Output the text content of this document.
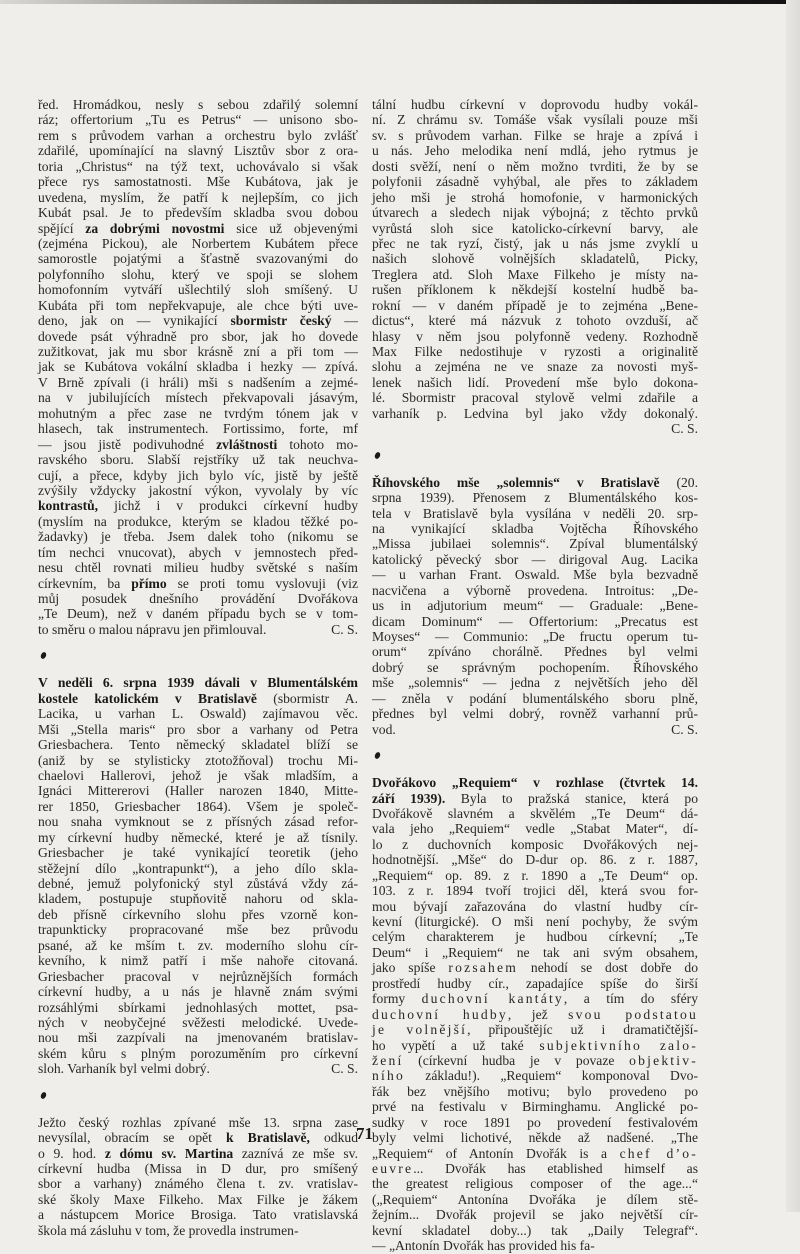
řed. Hromádkou, nesly s sebou zdařilý solemní
ráz; offertorium „Tu es Petrus“ — unisono sbo-
rem s průvodem varhan a orchestru bylo zvlášť
zdařilé, upomínající na slavný Lisztův sbor z ora-
toria „Christus“ na týž text, uchovávalo si však
přece rys samostatnosti. Mše Kubátova, jak je
uvedena, myslím, že patří k nejlepším, co jich
Kubát psal. Je to především skladba svou dobou
spějící za dobrými novostmi sice už objevenými
(zejména Pickou), ale Norbertem Kubátem přece
samorostle pojatými a šťastně svazovanými do
polyfonního slohu, který ve spoji se slohem
homofonním vytváří ušlechtilý sloh smíšený. U
Kubáta při tom nepřekvapuje, ale chce býti uve-
deno, jak on — vynikající sbormistr český —
dovede psát výhradně pro sbor, jak ho dovede
zužitkovat, jak mu sbor krásně zní a při tom —
jak se Kubátova vokální skladba i hezky — zpívá.
V Brně zpívali (i hráli) mši s nadšením a zejmé-
na v jubilujících místech překvapovali jásavým,
mohutným a přec zase ne tvrdým tónem jak v
hlasech, tak instrumentech. Fortissimo, forte, mf
— jsou jistě podivuhodné zvláštnosti tohoto mo-
ravského sboru. Slabší rejstříky už tak neuchva-
cují, a přece, kdyby jich bylo víc, jistě by ještě
zvýšily vždycky jakostní výkon, vyvolaly by víc
kontrastů, jichž i v produkci církevní hudby
(myslím na produkce, kterým se kladou těžké po-
žadavky) je třeba. Jsem dalek toho (nikomu se
tím nechci vnucovat), abych v jemnostech před-
nesu chtěl rovnati milieu hudby světské s naším
církevním, ba přímo se proti tomu vyslovuji (viz
můj posudek dnešního provádění Dvořákova
„Te Deum), než v daném případu bych se v tom-
to směru o malou nápravu jen přimlouval.	C. S.
V neděli 6. srpna 1939 dávali v Blumentálském
kostele katolickém v Bratislavě (sbormistr A.
Lacika, u varhan L. Oswald) zajímavou věc.
Mši „Stella maris“ pro sbor a varhany od Petra
Griesbachera. Tento německý skladatel blíží se
(aniž by se stylisticky ztotožňoval) trochu Mi-
chaelovi Hallerovi, jehož je však mladším, a
Ignáci Mittererovi (Haller narozen 1840, Mitte-
rer 1850, Griesbacher 1864). Všem je společ-
nou snaha vymknout se z přísných zásad refor-
my církevní hudby německé, které je až tísnily.
Griesbacher je také vynikající teoretik (jeho
stěžejní dílo „kontrapunkt“), a jeho dílo skla-
debné, jemuž polyfonický styl zůstává vždy zá-
kladem, postupuje stupňovitě nahoru od skla-
deb přísně církevního slohu přes vzorně kon-
trapunkticky propracované mše bez průvodu
psané, až ke mším t. zv. moderního slohu cír-
kevního, k nimž patří i mše nahoře citovaná.
Griesbacher pracoval v nejrůznějších formách
církevní hudby, a u nás je hlavně znám svými
rozsáhlými sbírkami jednohlasých mottet, psa-
ných v neobyčejné svěžesti melodické. Uvede-
nou mši zazpívali na jmenovaném bratislav-
ském kůru s plným porozuměním pro církevní
sloh. Varhaník byl velmi dobrý.	C. S.
Ježto český rozhlas zpívané mše 13. srpna zase
nevysílal, obracím se opět k Bratislavě, odkud
o 9. hod. z dómu sv. Martina zaznívá ze mše sv.
církevní hudba (Missa in D dur, pro smíšený
sbor a varhany) známého člena t. zv. vratislav-
ské školy Maxe Filkeho. Max Filke je žákem
a nástupcem Morice Brosiga. Tato vratislavská
škola má zásluhu v tom, že provedla instrumen-
tální hudbu církevní v doprovodu hudby vokál-
ní. Z chrámu sv. Tomáše však vysílali pouze mši
sv. s průvodem varhan. Filke se hraje a zpívá i
u nás. Jeho melodika není mdlá, jeho rytmus je
dosti svěží, není o něm možno tvrditi, že by se
polyfonii zásadně vyhýbal, ale přes to základem
jeho mši je strohá homofonie, v harmonických
útvarech a sledech nijak výbojná; z těchto prvků
vyrůstá sloh sice katolicko-církevní barvy, ale
přec ne tak ryzí, čistý, jak u nás jsme zvyklí u
našich slohově volnějších skladatelů, Picky,
Treglera atd. Sloh Maxe Filkeho je místy na-
rušen příklonem k někdejší kostelní hudbě ba-
rokní — v daném případě je to zejména „Bene-
dictus“, které má názvuk z tohoto ovzduší, ač
hlasy v něm jsou polyfonně vedeny. Rozhodně
Max Filke nedostihuje v ryzosti a originalitě
slohu a zejména ne ve snaze za novosti myš-
lenek našich lidí. Provedení mše bylo dokona-
lé. Sbormistr pracoval stylově velmi zdařile a
varhaník p. Ledvina byl jako vždy dokonalý.
C. S.
Říhovského mše „solemnis“ v Bratislavě (20.
srpna 1939). Přenosem z Blumentálského kos-
tela v Bratislavě byla vysílána v neděli 20. srp-
na vynikající skladba Vojtěcha Říhovského
„Missa jubilaei solemnis“. Zpíval blumentálský
katolický pěvecký sbor — dirigoval Aug. Lacika
— u varhan Frant. Oswald. Mše byla bezvadně
nacvičena a výborně provedena. Introitus: „De-
us in adjutorium meum“ — Graduale: „Bene-
dicam Dominum“ — Offertorium: „Precatus est
Moyses“ — Communio: „De fructu operum tu-
orum“ zpíváno chorálně. Přednes byl velmi
dobrý se správným pochopením. Říhovského
mše „solemnis“ — jedna z největších jeho děl
— zněla v podání blumentálského sboru plně,
přednes byl velmi dobrý, rovněž varhanní prů-
vod.	C. S.
Dvořákovo „Requiem“ v rozhlase (čtvrtek 14.
září 1939). Byla to pražská stanice, která po
Dvořákově slavném a skvělém „Te Deum“ dá-
vala jeho „Requiem“ vedle „Stabat Mater“, dí-
lo z duchovních komposic Dvořákových nej-
hodnotnější. „Mše“ do D-dur op. 86. z r. 1887,
„Requiem“ op. 89. z r. 1890 a „Te Deum“ op.
103. z r. 1894 tvoří trojici děl, která svou for-
mou bývají zařazována do vlastní hudby cír-
kevní (liturgické). O mši není pochyby, že svým
celým charakterem je hudbou církevní; „Te
Deum“ i „Requiem“ ne tak ani svým obsahem,
jako spíše rozsahem nehodí se dost dobře do
prostředí hudby cír., zapadajíce spíše do širší
formy duchovní kantáty, a tím do sféry
duchovní hudby, jež svou podstatou
je volnější, připouštějíc už i dramatičtější-
ho vypětí a už také subjektivního zalo-
žení (církevní hudba je v povaze objektiv-
ního základu!). „Requiem“ komponoval Dvo-
řák bez vnějšího motivu; bylo provedeno po
prvé na festivalu v Birminghamu. Anglické po-
sudky v roce 1891 po provedení festivalovém
byly velmi lichotivé, někde až nadšené. „The
„Requiem“ of Antonín Dvořák is a chef d’o-
euvre... Dvořák has etablished himself as
the greatest religious composer of the age...“
(„Requiem“ Antonína Dvořáka je dílem stě-
žejním... Dvořák projevil se jako největší cír-
kevní skladatel doby...) tak „Daily Telegraf“.
— „Antonín Dvořák has provided his fa-
71
